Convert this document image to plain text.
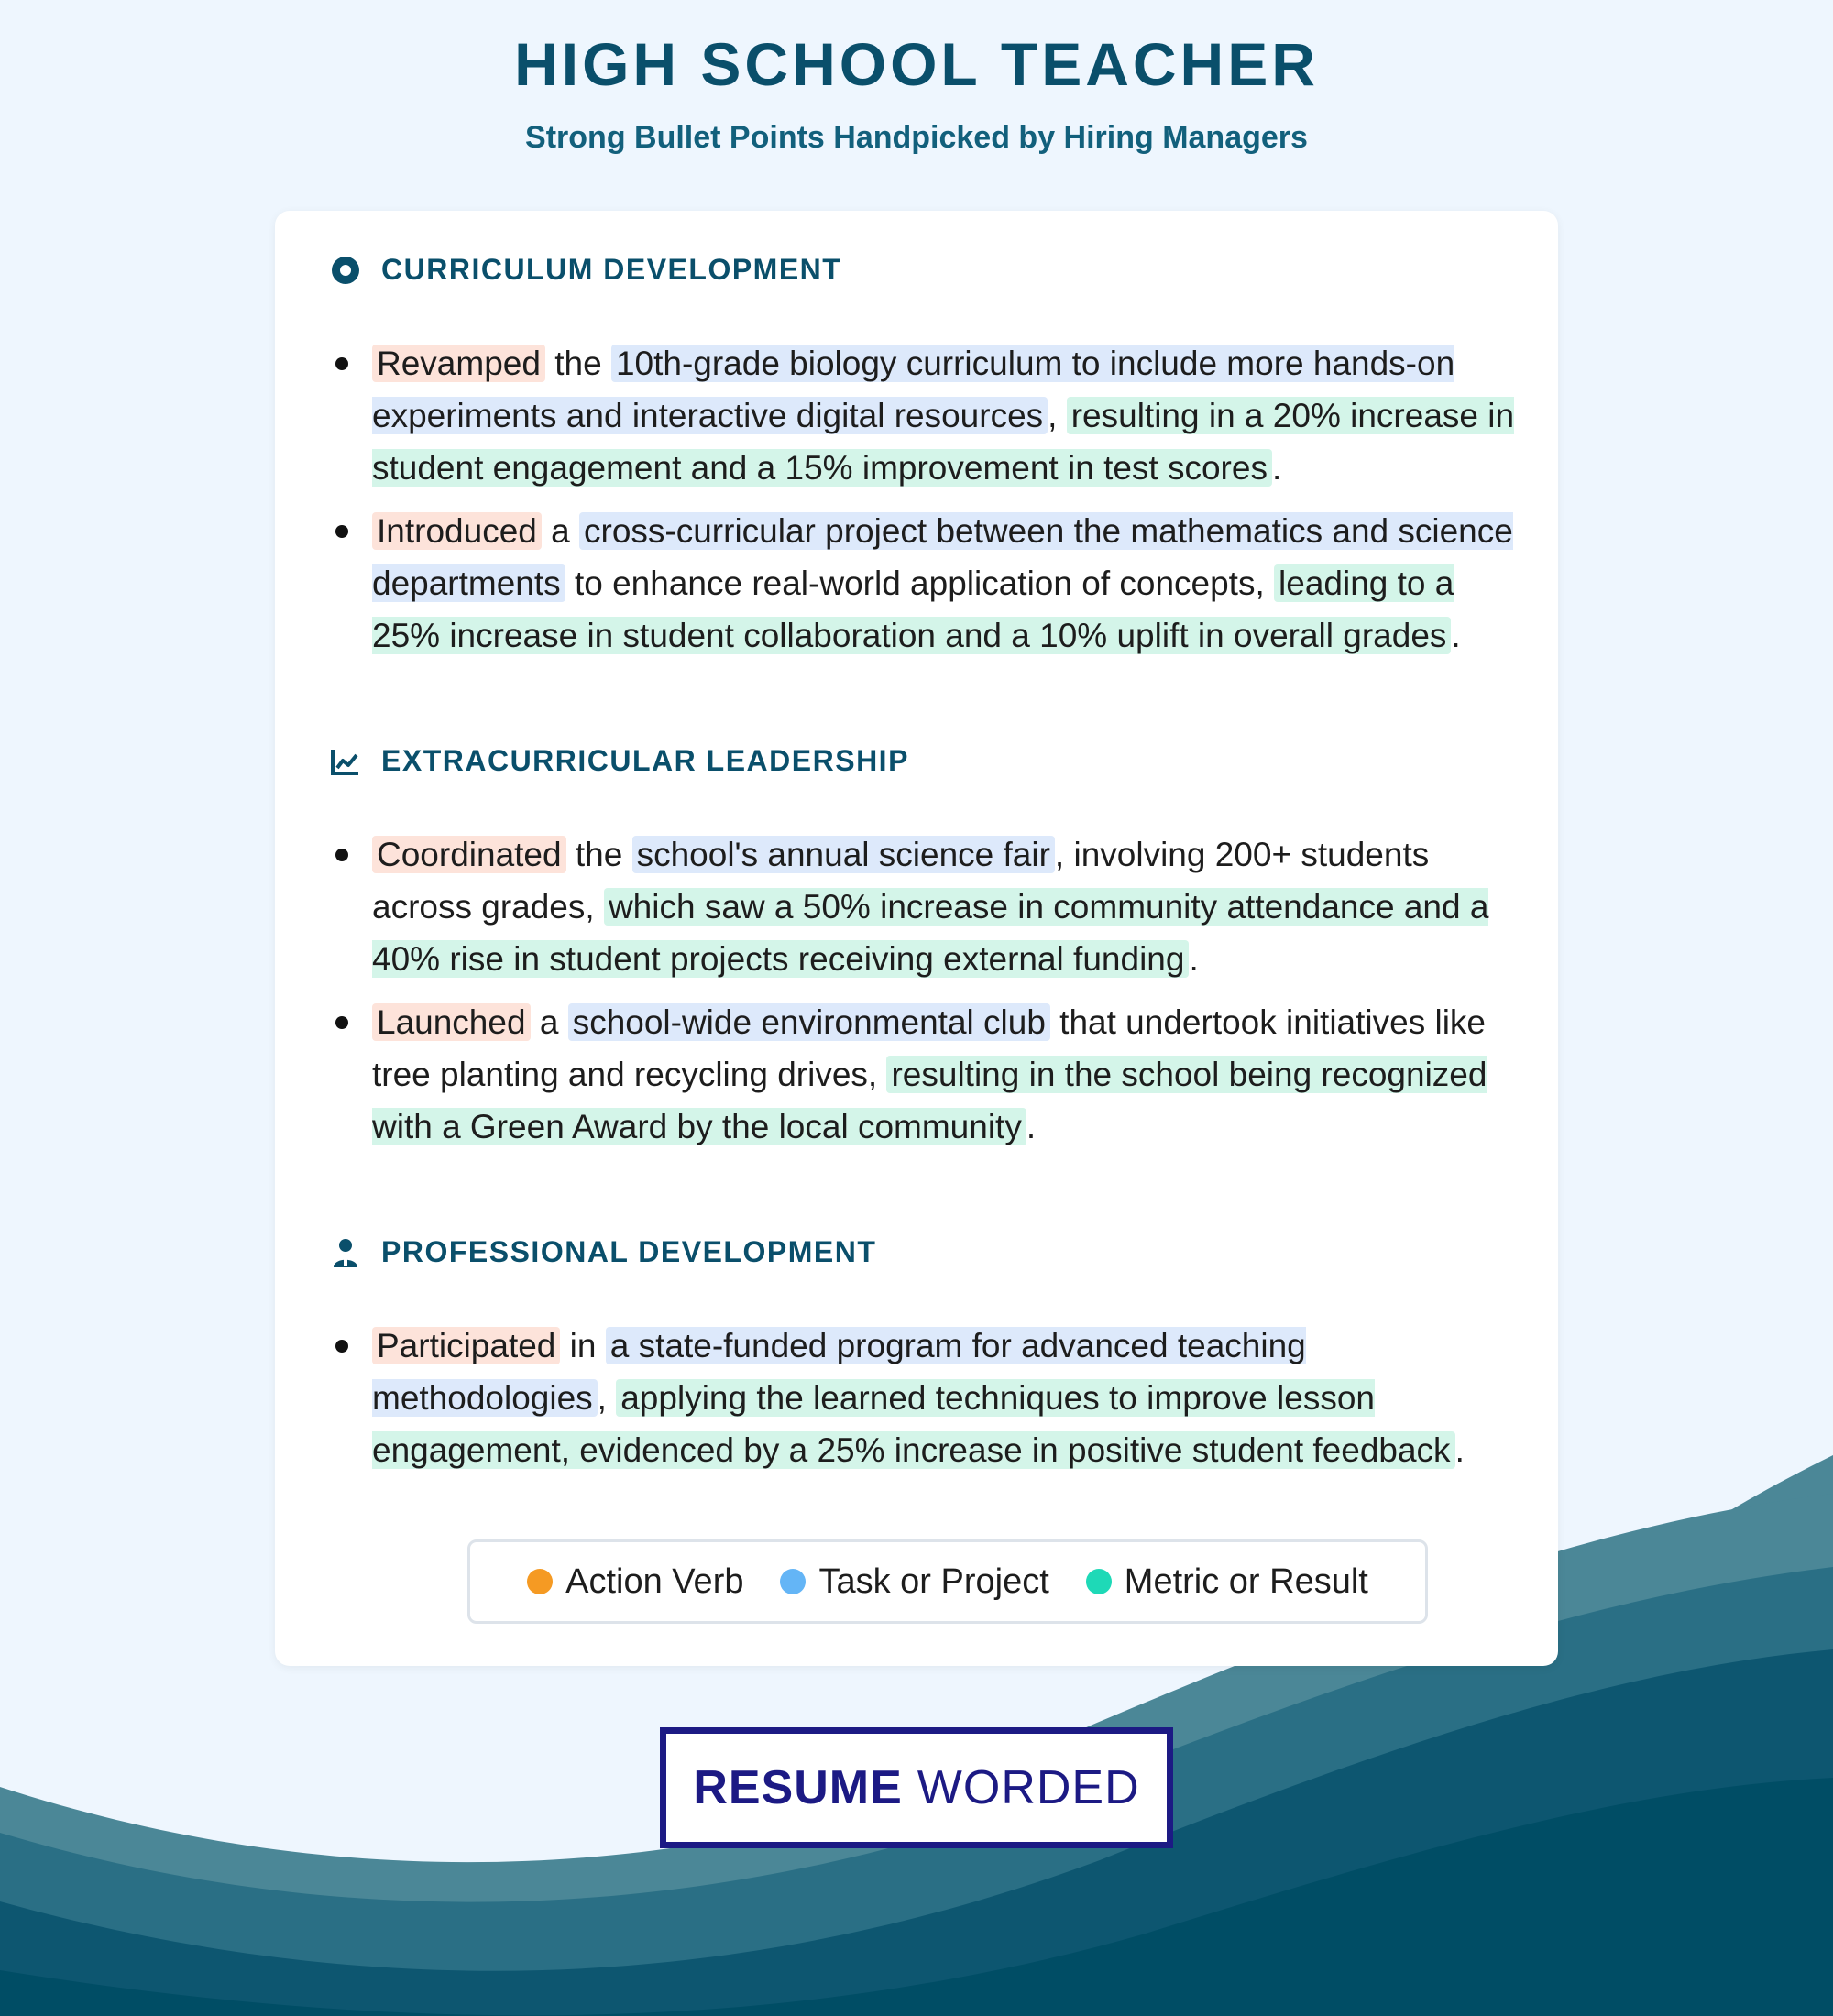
HIGH SCHOOL TEACHER
Strong Bullet Points Handpicked by Hiring Managers
CURRICULUM DEVELOPMENT
Revamped the 10th-grade biology curriculum to include more hands-on experiments and interactive digital resources , resulting in a 20% increase in student engagement and a 15% improvement in test scores .
Introduced a cross-curricular project between the mathematics and science departments to enhance real-world application of concepts, leading to a 25% increase in student collaboration and a 10% uplift in overall grades .
EXTRACURRICULAR LEADERSHIP
Coordinated the school's annual science fair , involving 200+ students across grades, which saw a 50% increase in community attendance and a 40% rise in student projects receiving external funding .
Launched a school-wide environmental club that undertook initiatives like tree planting and recycling drives, resulting in the school being recognized with a Green Award by the local community .
PROFESSIONAL DEVELOPMENT
Participated in a state-funded program for advanced teaching methodologies , applying the learned techniques to improve lesson engagement, evidenced by a 25% increase in positive student feedback .
Action Verb Task or Project Metric or Result
RESUME WORDED
